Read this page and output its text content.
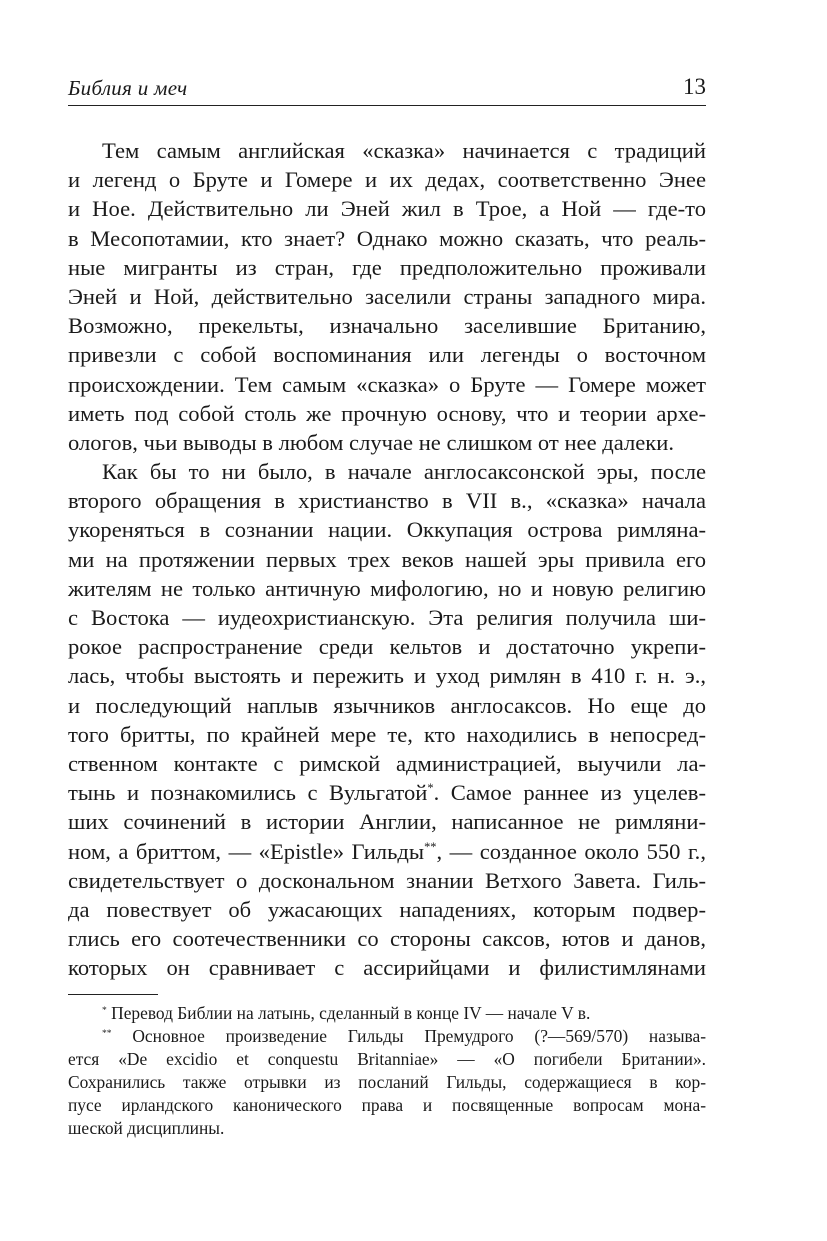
Библия и меч	13
Тем самым английская «сказка» начинается с традиций
и легенд о Бруте и Гомере и их дедах, соответственно Энее
и Ное. Действительно ли Эней жил в Трое, а Ной — где-то
в Месопотамии, кто знает? Однако можно сказать, что реаль-
ные мигранты из стран, где предположительно проживали
Эней и Ной, действительно заселили страны западного мира.
Возможно, прекельты, изначально заселившие Британию,
привезли с собой воспоминания или легенды о восточном
происхождении. Тем самым «сказка» о Бруте — Гомере может
иметь под собой столь же прочную основу, что и теории архе-
ологов, чьи выводы в любом случае не слишком от нее далеки.
Как бы то ни было, в начале англосаксонской эры, после
второго обращения в христианство в VII в., «сказка» начала
укореняться в сознании нации. Оккупация острова римляна-
ми на протяжении первых трех веков нашей эры привила его
жителям не только античную мифологию, но и новую религию
с Востока — иудеохристианскую. Эта религия получила ши-
рокое распространение среди кельтов и достаточно укрепи-
лась, чтобы выстоять и пережить и уход римлян в 410 г. н. э.,
и последующий наплыв язычников англосаксов. Но еще до
того бритты, по крайней мере те, кто находились в непосред-
ственном контакте с римской администрацией, выучили ла-
тынь и познакомились с Вульгатой*. Самое раннее из уцелев-
ших сочинений в истории Англии, написанное не римляни-
ном, а бриттом, — «Epistle» Гильды**, — созданное около 550 г.,
свидетельствует о доскональном знании Ветхого Завета. Гиль-
да повествует об ужасающих нападениях, которым подвер-
глись его соотечественники со стороны саксов, ютов и данов,
которых он сравнивает с ассирийцами и филистимлянами
* Перевод Библии на латынь, сделанный в конце IV — начале V в.
** Основное произведение Гильды Премудрого (?—569/570) называ-
ется «De excidio et conquestu Britanniae» — «О погибели Британии».
Сохранились также отрывки из посланий Гильды, содержащиеся в кор-
пусе ирландского канонического права и посвященные вопросам мона-
шеской дисциплины.
